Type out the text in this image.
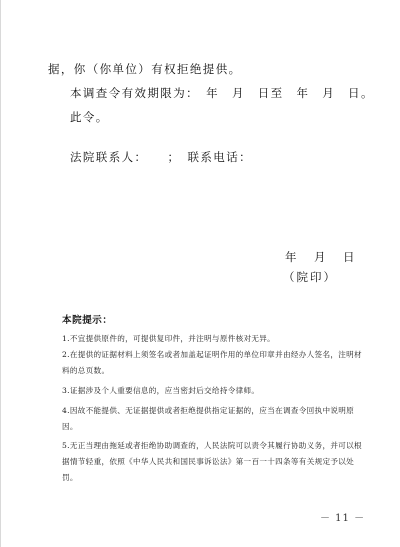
据，你（你单位）有权拒绝提供。
本调查令有效期限为：　年　月　日至　年　月　日。
此令。
法院联系人：　　；　联系电话：
年　月　日
（院印）
本院提示：
1.不宜提供原件的，可提供复印件，并注明与原件核对无异。
2.在提供的证据材料上须签名或者加盖起证明作用的单位印章并由经办人签名，注明材料的总页数。
3.证据涉及个人重要信息的，应当密封后交给持令律师。
4.因故不能提供、无证据提供或者拒绝提供指定证据的，应当在调查令回执中说明原因。
5.无正当理由拖延或者拒绝协助调查的，人民法院可以责令其履行协助义务，并可以根据情节轻重，依照《中华人民共和国民事诉讼法》第一百一十四条等有关规定予以处罚。
－ 11 －
